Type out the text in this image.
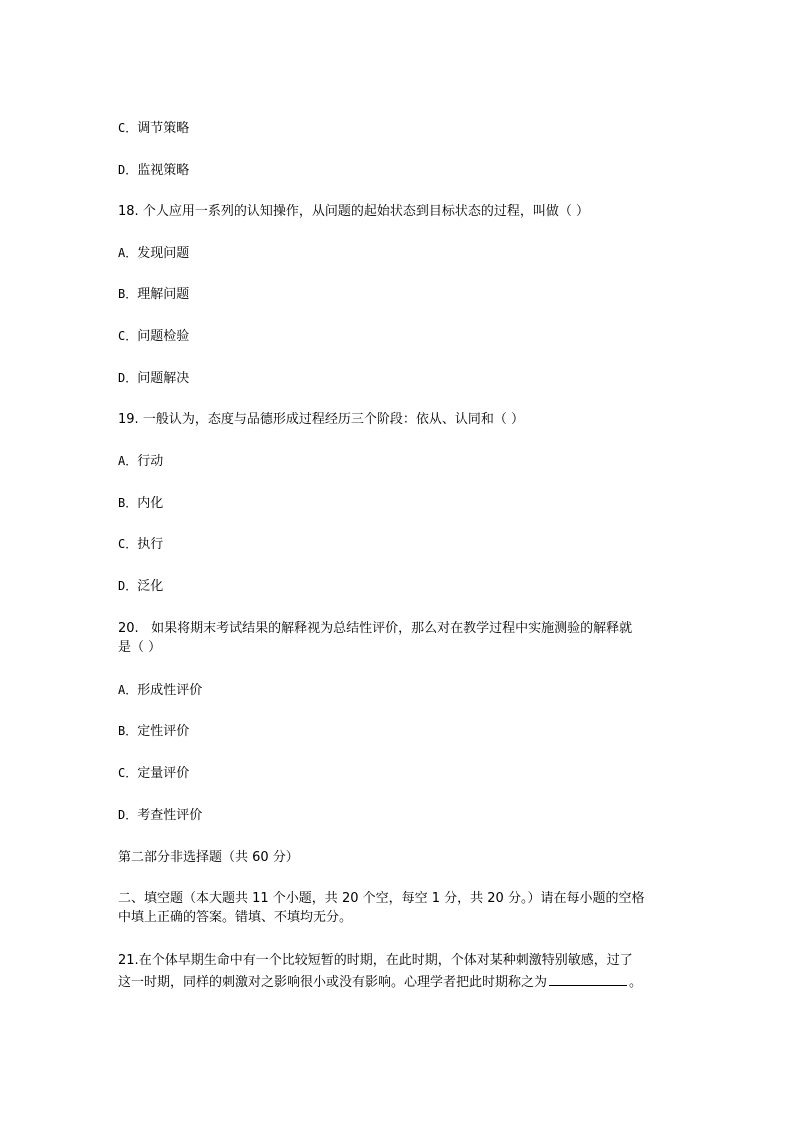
C．调节策略
D．监视策略
18. 个人应用一系列的认知操作，从问题的起始状态到目标状态的过程，叫做（ ）
A．发现问题
B．理解问题
C．问题检验
D．问题解决
19. 一般认为，态度与品德形成过程经历三个阶段：依从、认同和（ ）
A．行动
B．内化
C．执行
D．泛化
20. 如果将期末考试结果的解释视为总结性评价，那么对在教学过程中实施测验的解释就
是（ ）
A．形成性评价
B．定性评价
C．定量评价
D．考查性评价
第二部分非选择题（共 60 分）
二、填空题（本大题共 11 个小题，共 20 个空，每空 1 分，共 20 分。）请在每小题的空格
中填上正确的答案。错填、不填均无分。
21.在个体早期生命中有一个比较短暂的时期，在此时期，个体对某种刺激特别敏感，过了
这一时期，同样的刺激对之影响很小或没有影响。心理学者把此时期称之为	。
